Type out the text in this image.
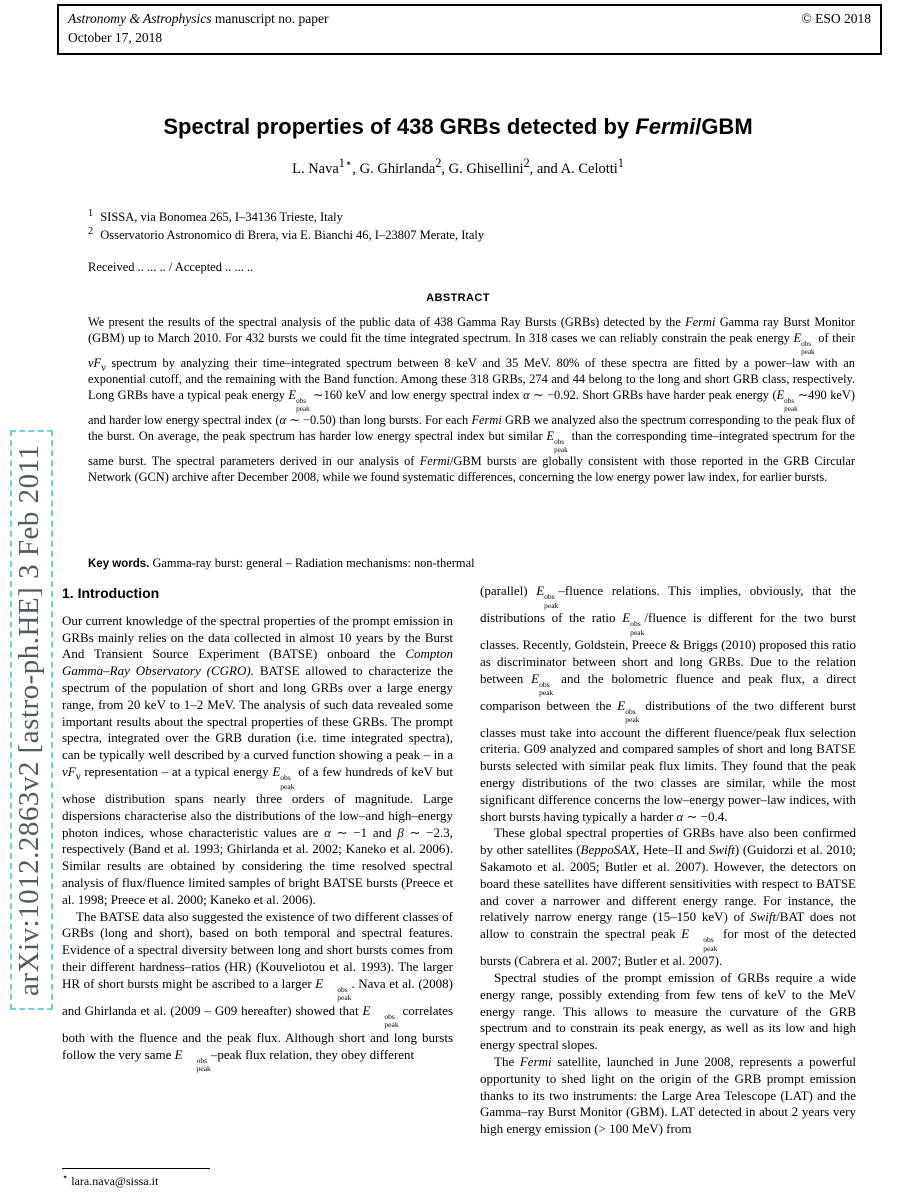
Astronomy & Astrophysics manuscript no. paper	© ESO 2018
October 17, 2018
arXiv:1012.2863v2 [astro-ph.HE] 3 Feb 2011
Spectral properties of 438 GRBs detected by Fermi/GBM
L. Nava$^{1⋆}$, G. Ghirlanda$^2$, G. Ghisellini$^2$, and A. Celotti$^1$
$^1$ SISSA, via Bonomea 265, I–34136 Trieste, Italy
$^2$ Osservatorio Astronomico di Brera, via E. Bianchi 46, I–23807 Merate, Italy
Received .. ... .. / Accepted .. ... ..
ABSTRACT
We present the results of the spectral analysis of the public data of 438 Gamma Ray Bursts (GRBs) detected by the Fermi Gamma ray Burst Monitor (GBM) up to March 2010. For 432 bursts we could fit the time integrated spectrum. In 318 cases we can reliably constrain the peak energy E obs
peak
of their $\nu F_\nu$ spectrum by analyzing their time–integrated spectrum between 8 keV and 35 MeV. 80% of these spectra are fitted by a power–law with an exponential cutoff, and the remaining with the Band function. Among these 318 GRBs, 274 and 44 belong to the long and short GRB class, respectively. Long GRBs have a typical peak energy E obs
peak
∼160 keV and low energy spectral index α ∼ −0.92. Short GRBs have harder peak energy (E obs
peak
∼490 keV) and harder low energy spectral index (α ∼ −0.50) than long bursts. For each Fermi GRB we analyzed also the spectrum corresponding to the peak flux of the burst. On average, the peak spectrum has harder low energy spectral index but similar E obs
peak
than the corresponding time–integrated spectrum for the same burst. The spectral parameters derived in our analysis of Fermi/GBM bursts are globally consistent with those reported in the GRB Circular Network (GCN) archive after December 2008, while we found systematic differences, concerning the low energy power law index, for earlier bursts.
Key words. Gamma-ray burst: general – Radiation mechanisms: non-thermal
1. Introduction

Our current knowledge of the spectral properties of the prompt emission in GRBs mainly relies on the data collected in almost 10 years by the Burst And Transient Source Experiment (BATSE) onboard the Compton Gamma–Ray Observatory (CGRO). BATSE allowed to characterize the spectrum of the population of short and long GRBs over a large energy range, from 20 keV to 1–2 MeV. The analysis of such data revealed some important results about the spectral properties of these GRBs. The prompt spectra, integrated over the GRB duration (i.e. time integrated spectra), can be typically well described by a curved function showing a peak – in a $\nu F_\nu$ representation – at a typical energy E obs
peak
of a few hundreds of keV but whose distribution spans nearly three orders of magnitude. Large dispersions characterise also the distributions of the low–and high–energy photon indices, whose characteristic values are α ∼ −1 and β ∼ −2.3, respectively (Band et al. 1993; Ghirlanda et al. 2002; Kaneko et al. 2006). Similar results are obtained by considering the time resolved spectral analysis of flux/fluence limited samples of bright BATSE bursts (Preece et al. 1998; Preece et al. 2000; Kaneko et al. 2006).

The BATSE data also suggested the existence of two different classes of GRBs (long and short), based on both temporal and spectral features. Evidence of a spectral diversity between long and short bursts comes from their different hardness–ratios (HR) (Kouveliotou et al. 1993). The larger HR of short bursts might be ascribed to a larger E	obs
peak
. Nava et al. (2008) and Ghirlanda et al. (2009 – G09 hereafter) showed that E	obs
peak
correlates both with the fluence and the peak flux. Although short and long bursts follow the very same E	obs
peak
–peak flux relation, they obey different

(parallel) E obs
peak
–fluence relations. This implies, obviously, that the distributions of the ratio E obs
peak
/fluence is different for the two burst classes. Recently, Goldstein, Preece & Briggs (2010) proposed this ratio as discriminator between short and long GRBs. Due to the relation between E obs
peak
and the bolometric fluence and peak flux, a direct comparison between the E obs
peak
distributions of the two different burst classes must take into account the different fluence/peak flux selection criteria. G09 analyzed and compared samples of short and long BATSE bursts selected with similar peak flux limits. They found that the peak energy distributions of the two classes are similar, while the most significant difference concerns the low–energy power–law indices, with short bursts having typically a harder α ∼ −0.4.

These global spectral properties of GRBs have also been confirmed by other satellites (BeppoSAX, Hete–II and Swift) (Guidorzi et al. 2010; Sakamoto et al. 2005; Butler et al. 2007). However, the detectors on board these satellites have different sensitivities with respect to BATSE and cover a narrower and different energy range. For instance, the relatively narrow energy range (15–150 keV) of Swift/BAT does not allow to constrain the spectral peak E	obs
peak
for most of the detected bursts (Cabrera et al. 2007; Butler et al. 2007).

Spectral studies of the prompt emission of GRBs require a wide energy range, possibly extending from few tens of keV to the MeV energy range. This allows to measure the curvature of the GRB spectrum and to constrain its peak energy, as well as its low and high energy spectral slopes.

The Fermi satellite, launched in June 2008, represents a powerful opportunity to shed light on the origin of the GRB prompt emission thanks to its two instruments: the Large Area Telescope (LAT) and the Gamma–ray Burst Monitor (GBM). LAT detected in about 2 years very high energy emission (> 100 MeV) from

⋆ lara.nava@sissa.it
